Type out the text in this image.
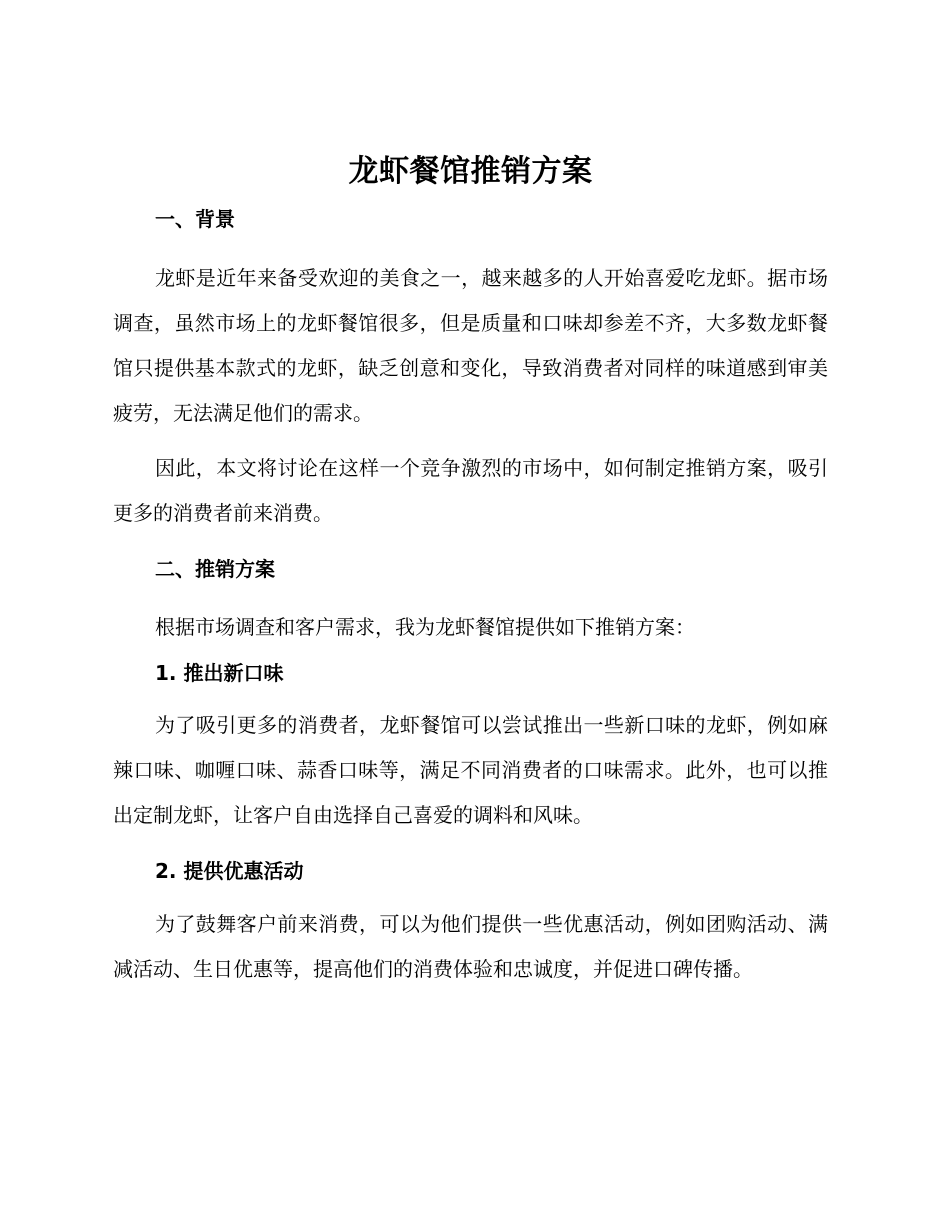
龙虾餐馆推销方案
一、背景

龙虾是近年来备受欢迎的美食之一，越来越多的人开始喜爱吃龙虾。据市场调查，虽然市场上的龙虾餐馆很多，但是质量和口味却参差不齐，大多数龙虾餐馆只提供基本款式的龙虾，缺乏创意和变化，导致消费者对同样的味道感到审美疲劳，无法满足他们的需求。

因此，本文将讨论在这样一个竞争激烈的市场中，如何制定推销方案，吸引更多的消费者前来消费。

二、推销方案

根据市场调查和客户需求，我为龙虾餐馆提供如下推销方案：

1. 推出新口味

为了吸引更多的消费者，龙虾餐馆可以尝试推出一些新口味的龙虾，例如麻辣口味、咖喱口味、蒜香口味等，满足不同消费者的口味需求。此外，也可以推出定制龙虾，让客户自由选择自己喜爱的调料和风味。

2. 提供优惠活动

为了鼓舞客户前来消费，可以为他们提供一些优惠活动，例如团购活动、满减活动、生日优惠等，提高他们的消费体验和忠诚度，并促进口碑传播。
